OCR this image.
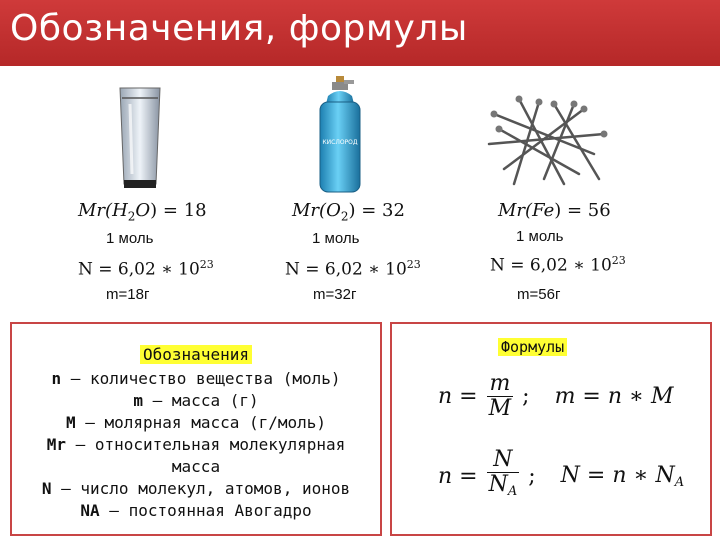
Обозначения, формулы
КИСЛОРОД
$Mr(H_2O) = 18$
1 моль
N = 6,02 ∗ $10^{23}$
m=18г
$Mr(O_2) = 32$
1 моль
N = 6,02 ∗ $10^{23}$
m=32г
Mr(Fe) = 56
1 моль
N = 6,02 ∗ $10^{23}$
m=56г
Обозначения
n – количество вещества (моль)
m – масса (г)
M – молярная масса (г/моль)
Mr – относительная молекулярная
масса
N – число молекул, атомов, ионов
NA – постоянная Авогадро
Формулы
$n = \frac{m}{M}$ ; m = n ∗ M
$n = \frac{N}{NA}$ ; N = n ∗ NA
